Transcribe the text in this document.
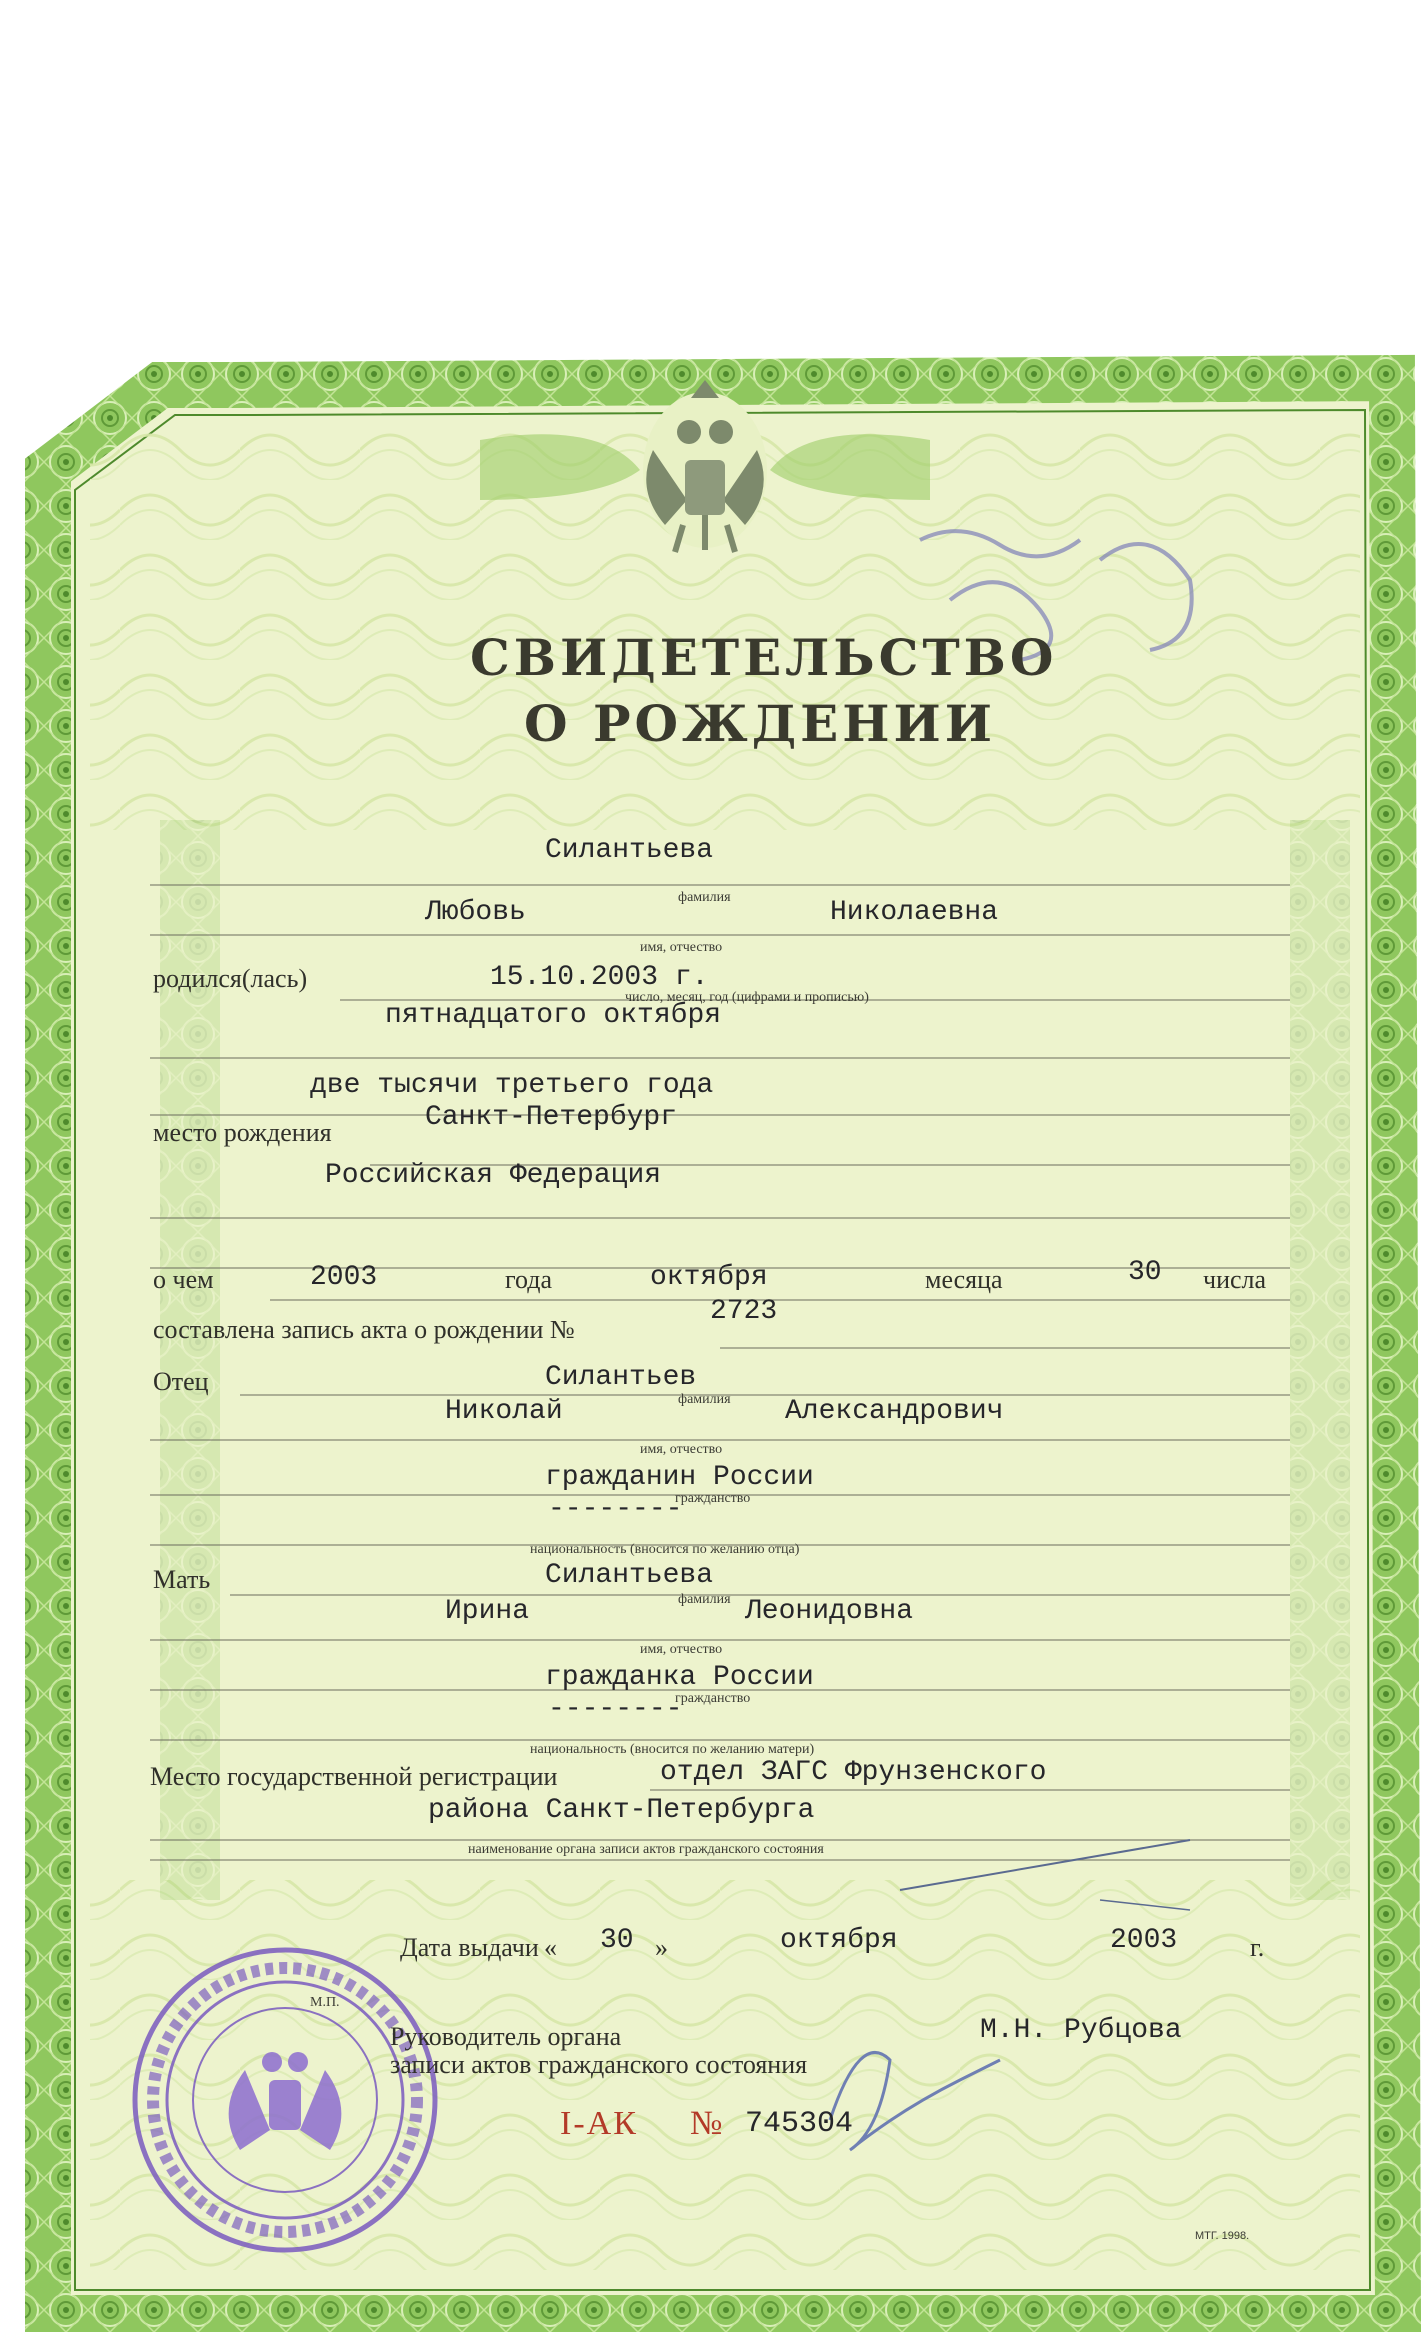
СВИДЕТЕЛЬСТВО
О РОЖДЕНИИ
Силантьева
фамилия
Любовь	Николаевна
имя, отчество
родился(лась)	15.10.2003 г.
число, месяц, год (цифрами и прописью)
пятнадцатого октября
две тысячи третьего года
место рождения	Санкт-Петербург
Российская Федерация
о чем	2003	года	октября	месяца	30 числа
составлена запись акта о рождении №
2723
Отец	Силантьев
фамилия
Николай	Александрович
имя, отчество
гражданин России
гражданство
--------
национальность (вносится по желанию отца)
Мать	Силантьева
фамилия
Ирина	Леонидовна
имя, отчество
гражданка России
гражданство
--------
национальность (вносится по желанию матери)
Место государственной регистрации	отдел ЗАГС Фрунзенского
района Санкт-Петербурга
наименование органа записи актов гражданского состояния
Дата выдачи « 30 »	октября	2003	г.
М.П.
Руководитель органа
записи актов гражданского состояния
М.Н. Рубцова
I-АК № 745304
МТГ. 1998.
